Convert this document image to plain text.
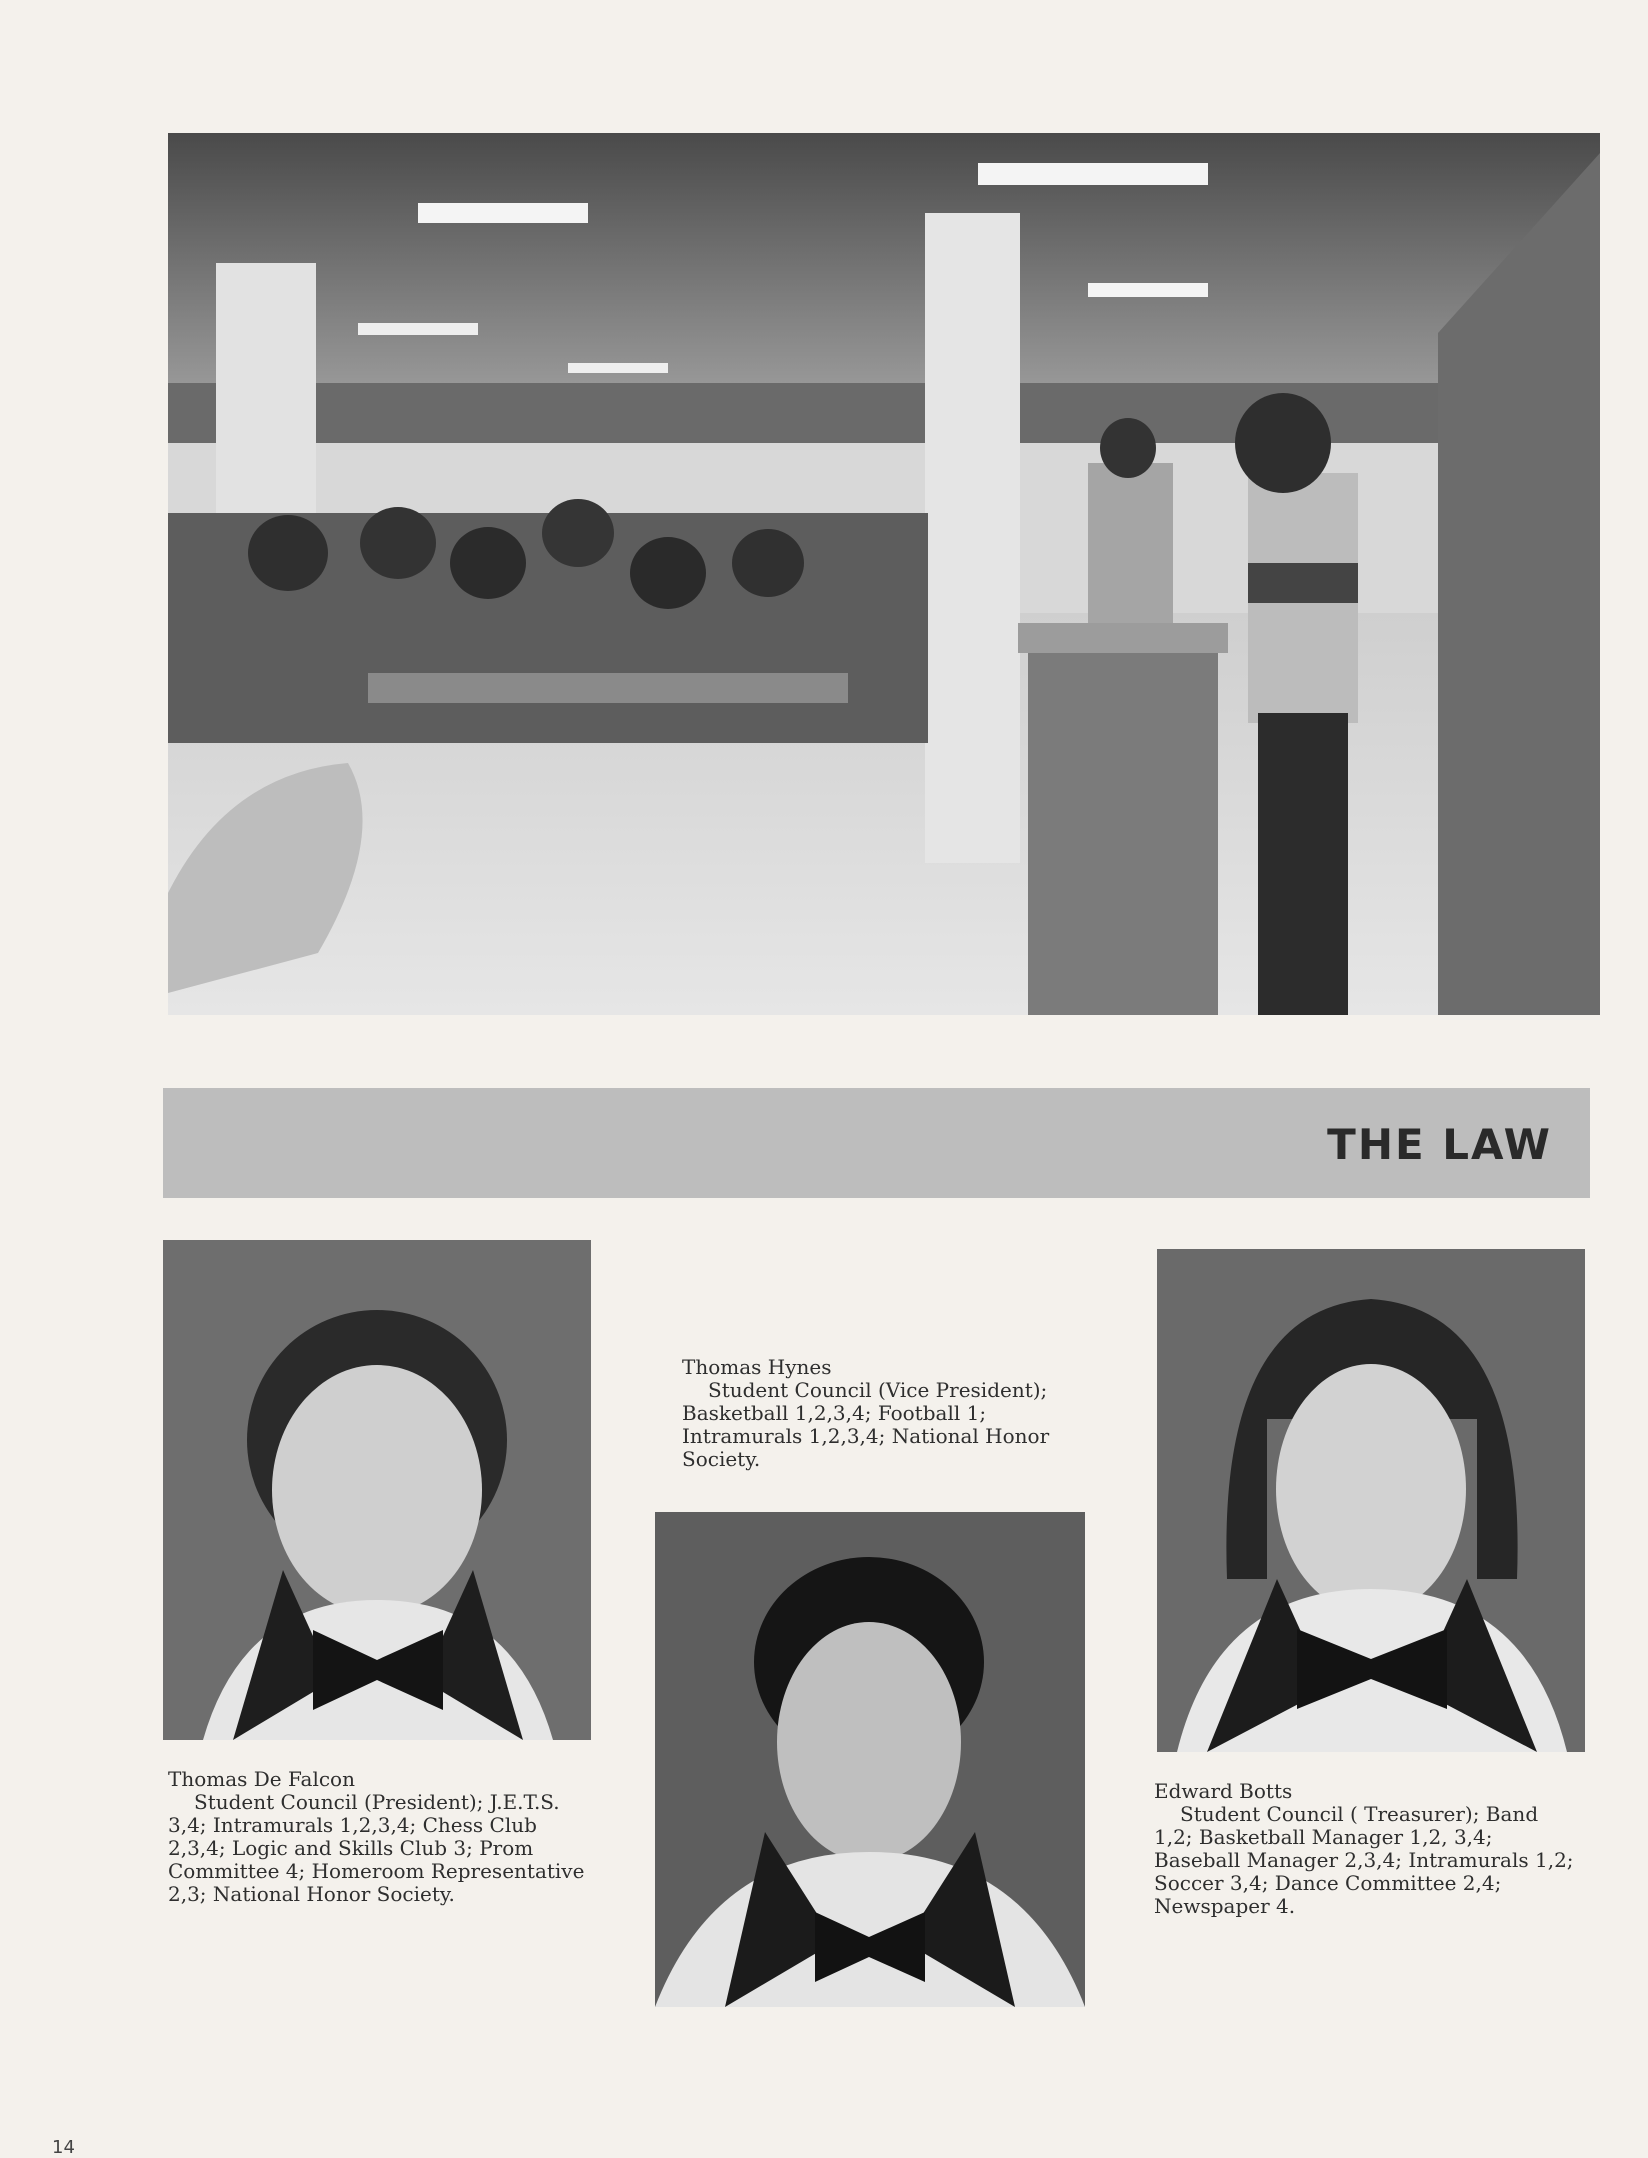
THE LAW
Thomas De Falcon
Student Council (President); J.E.T.S. 3,4; Intramurals 1,2,3,4; Chess Club 2,3,4; Logic and Skills Club 3; Prom Committee 4; Homeroom Representative 2,3; National Honor Society.
Thomas Hynes
Student Council (Vice President); Basketball 1,2,3,4; Football 1; Intramurals 1,2,3,4; National Honor Society.
Edward Botts
Student Council ( Treasurer); Band 1,2; Basketball Manager 1,2, 3,4; Baseball Manager 2,3,4; Intramurals 1,2; Soccer 3,4; Dance Committee 2,4; Newspaper 4.
14
